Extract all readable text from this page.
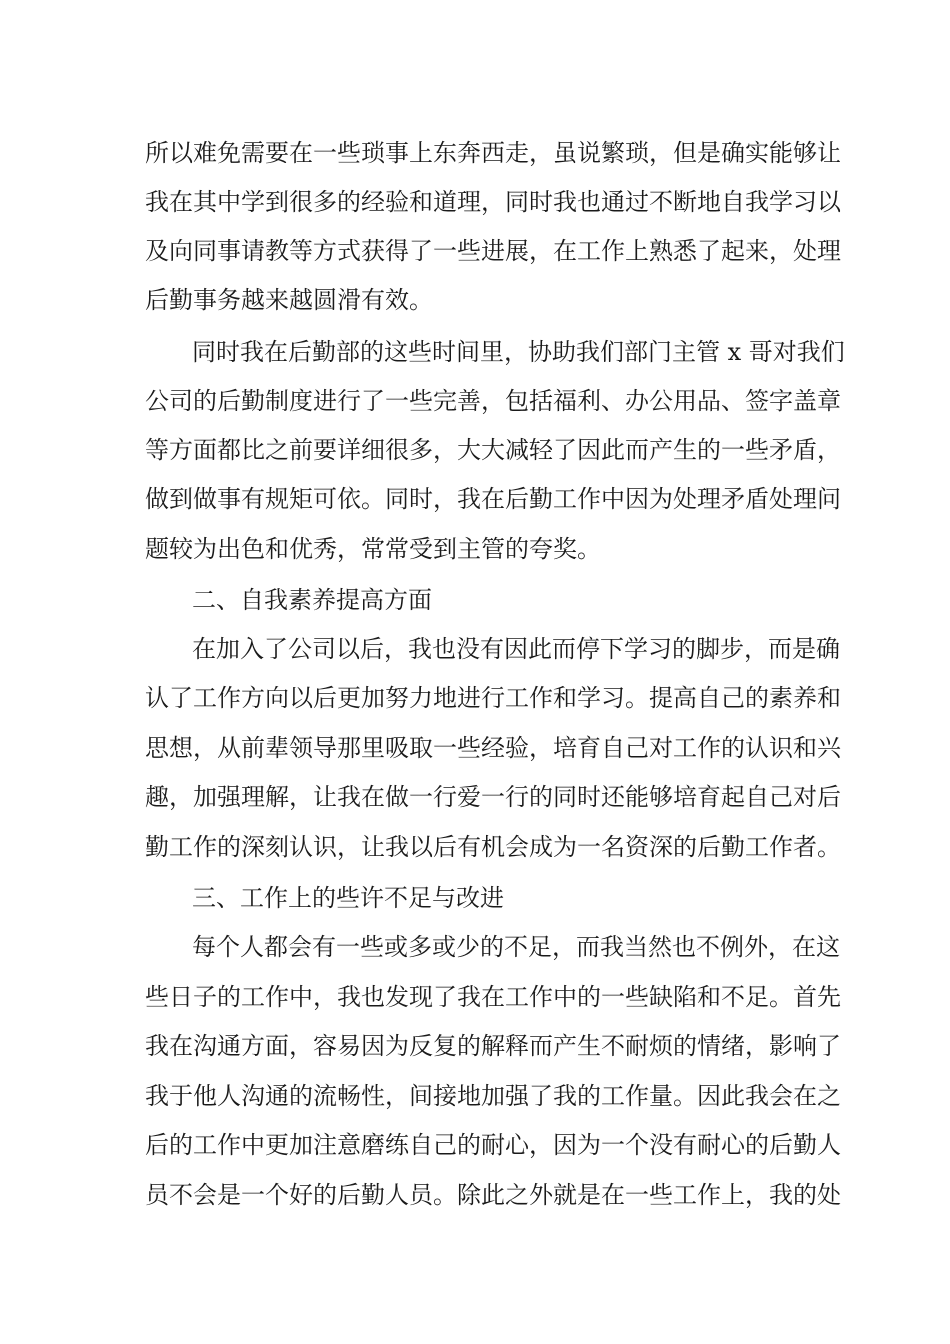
所以难免需要在一些琐事上东奔西走，虽说繁琐，但是确实能够让
我在其中学到很多的经验和道理，同时我也通过不断地自我学习以
及向同事请教等方式获得了一些进展，在工作上熟悉了起来，处理
后勤事务越来越圆滑有效。
同时我在后勤部的这些时间里，协助我们部门主管 x 哥对我们
公司的后勤制度进行了一些完善，包括福利、办公用品、签字盖章
等方面都比之前要详细很多，大大减轻了因此而产生的一些矛盾，
做到做事有规矩可依。同时，我在后勤工作中因为处理矛盾处理问
题较为出色和优秀，常常受到主管的夸奖。
二、自我素养提高方面
在加入了公司以后，我也没有因此而停下学习的脚步，而是确
认了工作方向以后更加努力地进行工作和学习。提高自己的素养和
思想，从前辈领导那里吸取一些经验，培育自己对工作的认识和兴
趣，加强理解，让我在做一行爱一行的同时还能够培育起自己对后
勤工作的深刻认识，让我以后有机会成为一名资深的后勤工作者。
三、工作上的些许不足与改进
每个人都会有一些或多或少的不足，而我当然也不例外，在这
些日子的工作中，我也发现了我在工作中的一些缺陷和不足。首先
我在沟通方面，容易因为反复的解释而产生不耐烦的情绪，影响了
我于他人沟通的流畅性，间接地加强了我的工作量。因此我会在之
后的工作中更加注意磨练自己的耐心，因为一个没有耐心的后勤人
员不会是一个好的后勤人员。除此之外就是在一些工作上，我的处
